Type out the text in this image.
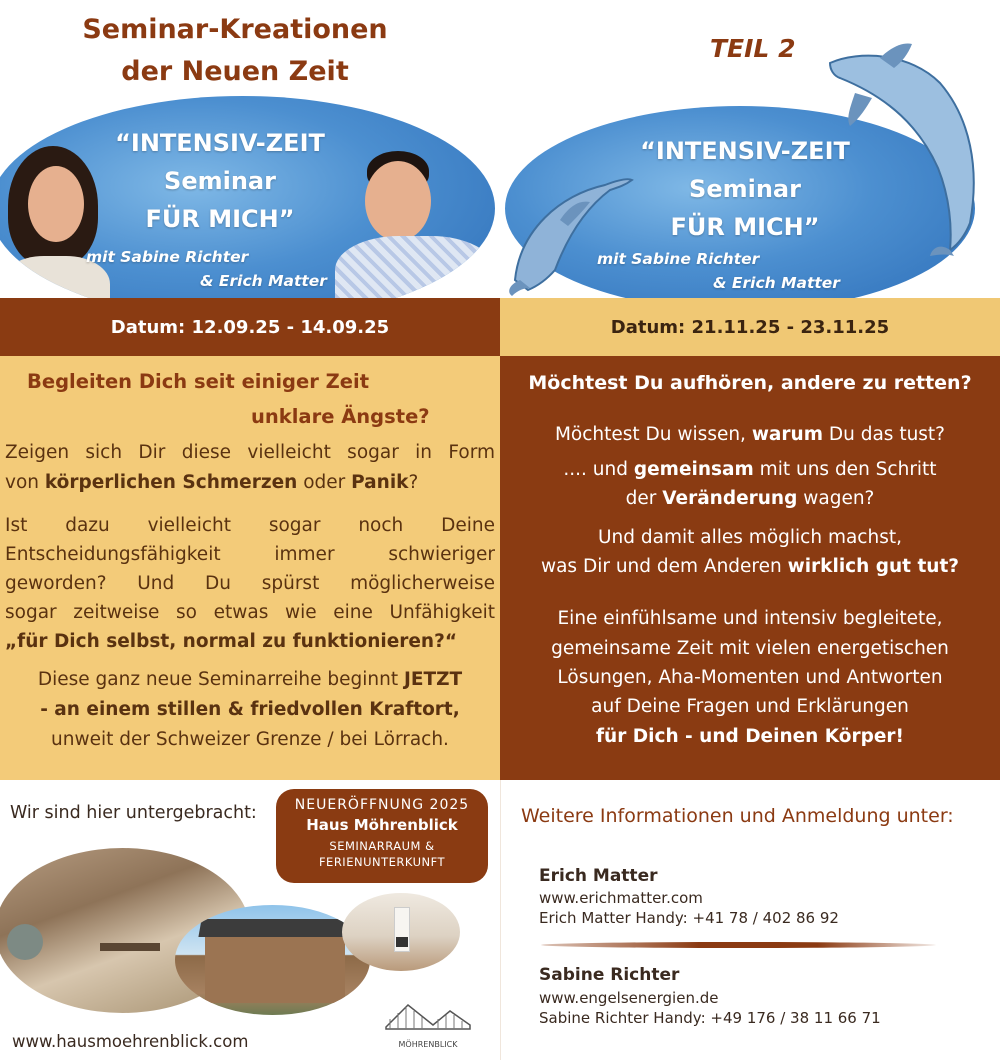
Seminar-Kreationen
der Neuen Zeit
TEIL 2
“INTENSIV-ZEIT
Seminar
FÜR MICH”
mit Sabine Richter
& Erich Matter
“INTENSIV-ZEIT
Seminar
FÜR MICH”
mit Sabine Richter
& Erich Matter
Datum: 12.09.25 - 14.09.25	Datum: 21.11.25 - 23.11.25
Begleiten Dich seit einiger Zeit
unklare Ängste?
Zeigen sich Dir diese vielleicht sogar in Form
von körperlichen Schmerzen oder Panik?
Ist dazu vielleicht sogar noch Deine
Entscheidungsfähigkeit immer schwieriger
geworden? Und Du spürst möglicherweise
sogar zeitweise so etwas wie eine Unfähigkeit
„für Dich selbst, normal zu funktionieren?“
Diese ganz neue Seminarreihe beginnt JETZT
- an einem stillen & friedvollen Kraftort,
unweit der Schweizer Grenze / bei Lörrach.
Möchtest Du aufhören, andere zu retten?
Möchtest Du wissen, warum Du das tust?
.... und gemeinsam mit uns den Schritt
der Veränderung wagen?
Und damit alles möglich machst,
was Dir und dem Anderen wirklich gut tut?
Eine einfühlsame und intensiv begleitete,
gemeinsame Zeit mit vielen energetischen
Lösungen, Aha-Momenten und Antworten
auf Deine Fragen und Erklärungen
für Dich - und Deinen Körper!
Wir sind hier untergebracht:	NEUERÖFFNUNG 2025
Haus Möhrenblick
SEMINARRAUM &
FERIENUNTERKUNFT
MÖHRENBLICK
www.hausmoehrenblick.com
Weitere Informationen und Anmeldung unter:
Erich Matter
www.erichmatter.com
Erich Matter Handy: +41 78 / 402 86 92
Sabine Richter
www.engelsenergien.de
Sabine Richter Handy: +49 176 / 38 11 66 71
